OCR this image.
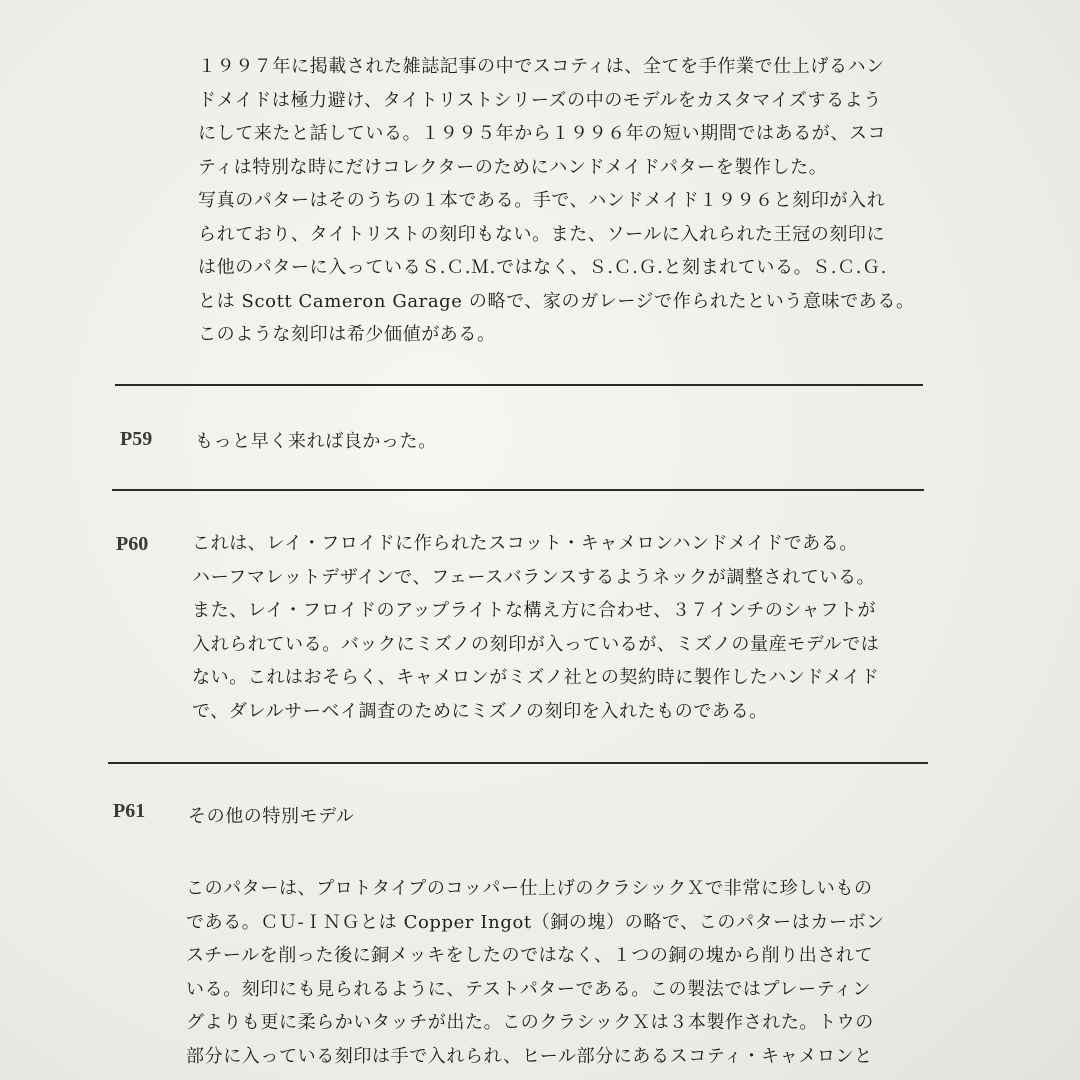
１９９７年に掲載された雑誌記事の中でスコティは、全てを手作業で仕上げるハン
ドメイドは極力避け、タイトリストシリーズの中のモデルをカスタマイズするよう
にして来たと話している。１９９５年から１９９６年の短い期間ではあるが、スコ
ティは特別な時にだけコレクターのためにハンドメイドパターを製作した。
写真のパターはそのうちの１本である。手で、ハンドメイド１９９６と刻印が入れ
られており、タイトリストの刻印もない。また、ソールに入れられた王冠の刻印に
は他のパターに入っているＳ.Ｃ.Ｍ.ではなく、Ｓ.Ｃ.Ｇ.と刻まれている。Ｓ.Ｃ.Ｇ.
とは Scott Cameron Garage の略で、家のガレージで作られたという意味である。
このような刻印は希少価値がある。
P59 もっと早く来れば良かった。
P60 これは、レイ・フロイドに作られたスコット・キャメロンハンドメイドである。
ハーフマレットデザインで、フェースバランスするようネックが調整されている。
また、レイ・フロイドのアップライトな構え方に合わせ、３７インチのシャフトが
入れられている。バックにミズノの刻印が入っているが、ミズノの量産モデルでは
ない。これはおそらく、キャメロンがミズノ社との契約時に製作したハンドメイド
で、ダレルサーベイ調査のためにミズノの刻印を入れたものである。
P61 その他の特別モデル
このパターは、プロトタイプのコッパー仕上げのクラシックＸで非常に珍しいもの
である。ＣＵ-ＩＮＧとは Copper Ingot（銅の塊）の略で、このパターはカーボン
スチールを削った後に銅メッキをしたのではなく、１つの銅の塊から削り出されて
いる。刻印にも見られるように、テストパターである。この製法ではプレーティン
グよりも更に柔らかいタッチが出た。このクラシックＸは３本製作された。トウの
部分に入っている刻印は手で入れられ、ヒール部分にあるスコティ・キャメロンと
